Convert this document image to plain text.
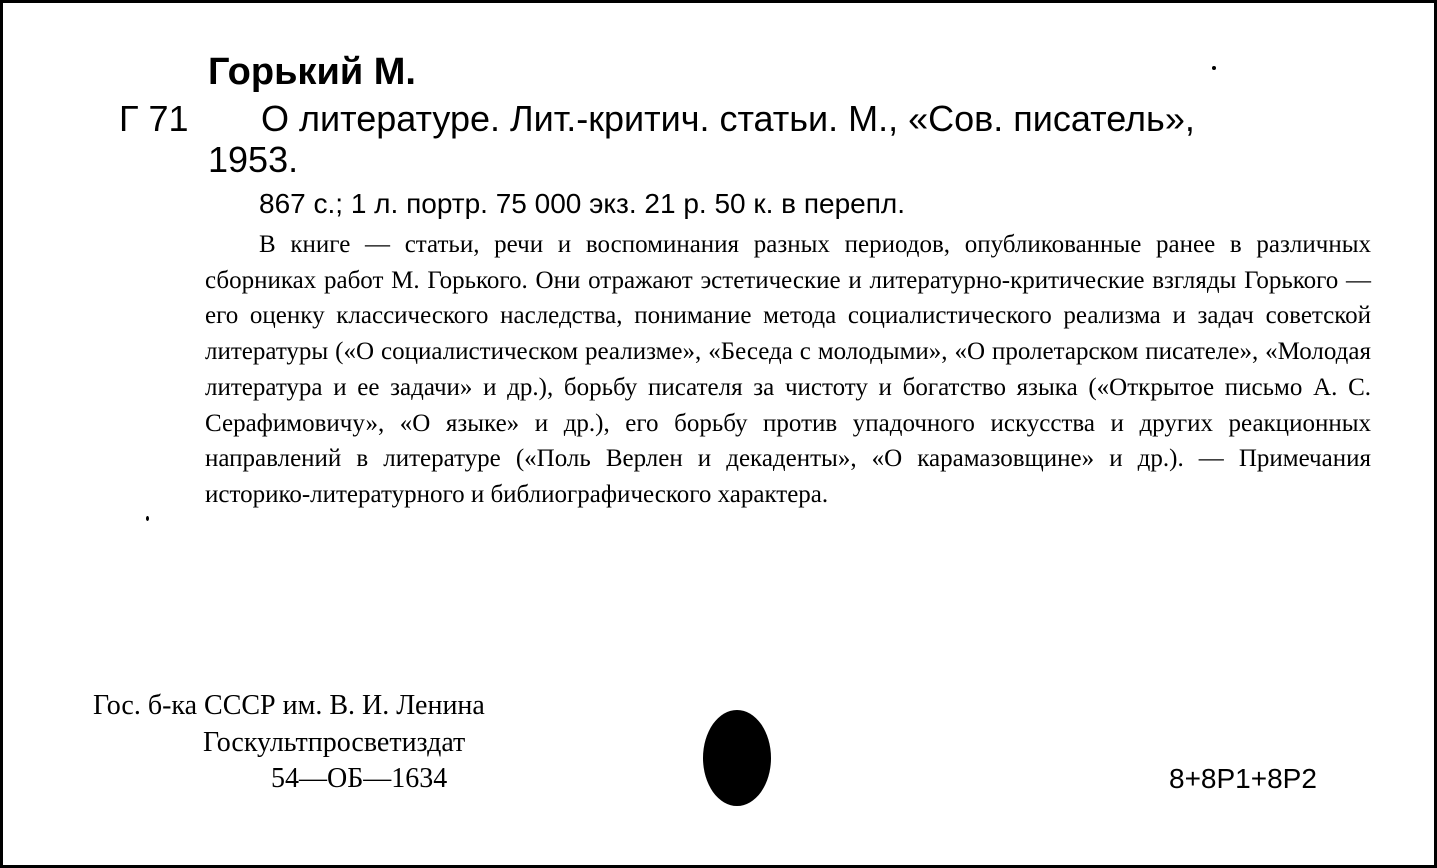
Горький М.
Г 71 О литературе. Лит.-критич. статьи. М., «Сов. писатель»,
1953.
867 с.; 1 л. портр. 75 000 экз. 21 р. 50 к. в перепл.

В книге — статьи, речи и воспоминания разных периодов, опубликованные ранее в различных сборниках работ М. Горького. Они отражают эстетические и литературно-критические взгляды Горького — его оценку классического наследства, понимание метода социалистического реализма и задач советской литературы («О социалистическом реализме», «Беседа с молодыми», «О пролетарском писателе», «Молодая литература и ее задачи» и др.), борьбу писателя за чистоту и богатство языка («Открытое письмо А. С. Серафимовичу», «О языке» и др.), его борьбу против упадочного искусства и других реакционных направлений в литературе («Поль Верлен и декаденты», «О карамазовщине» и др.). — Примечания историко-литературного и библиографического характера.

Гос. б-ка СССР им. В. И. Ленина
Госкультпросветиздат
54—ОБ—1634	8+8Р1+8Р2
